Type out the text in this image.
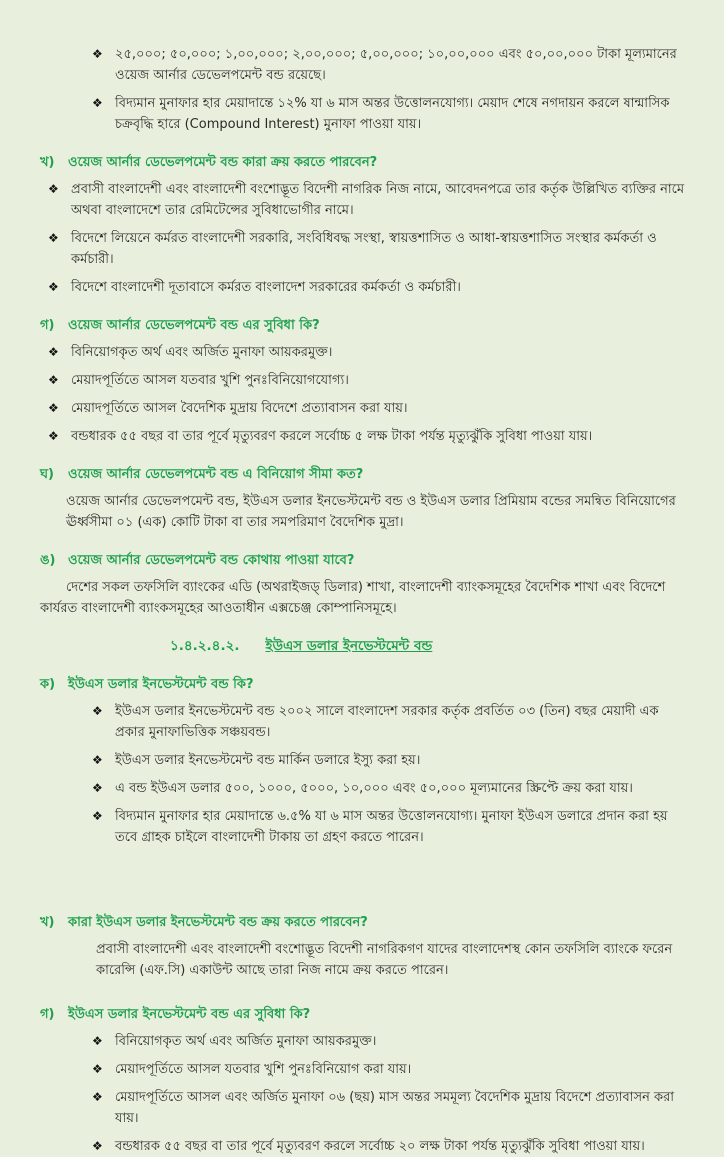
❖ ২৫,০০০; ৫০,০০০; ১,০০,০০০; ২,০০,০০০; ৫,০০,০০০; ১০,০০,০০০ এবং ৫০,০০,০০০ টাকা মূল্যমানের ওয়েজ আর্নার ডেভেলপমেন্ট বন্ড রয়েছে।
❖ বিদ্যমান মুনাফার হার মেয়াদান্তে ১২% যা ৬ মাস অন্তর উত্তোলনযোগ্য। মেয়াদ শেষে নগদায়ন করলে ষান্মাসিক চক্রবৃদ্ধি হারে (Compound Interest) মুনাফা পাওয়া যায়।
খ)	ওয়েজ আর্নার ডেভেলপমেন্ট বন্ড কারা ক্রয় করতে পারবেন?
❖ প্রবাসী বাংলাদেশী এবং বাংলাদেশী বংশোদ্ভূত বিদেশী নাগরিক নিজ নামে, আবেদনপত্রে তার কর্তৃক উল্লিখিত ব্যক্তির নামে অথবা বাংলাদেশে তার রেমিটেন্সের সুবিধাভোগীর নামে।
❖ বিদেশে লিয়েনে কর্মরত বাংলাদেশী সরকারি, সংবিধিবদ্ধ সংস্থা, স্বায়ত্তশাসিত ও আধা-স্বায়ত্তশাসিত সংস্থার কর্মকর্তা ও কর্মচারী।
❖ বিদেশে বাংলাদেশী দূতাবাসে কর্মরত বাংলাদেশ সরকারের কর্মকর্তা ও কর্মচারী।
গ)	ওয়েজ আর্নার ডেভেলপমেন্ট বন্ড এর সুবিধা কি?
❖ বিনিয়োগকৃত অর্থ এবং অর্জিত মুনাফা আয়করমুক্ত।
❖ মেয়াদপূর্তিতে আসল যতবার খুশি পুনঃবিনিয়োগযোগ্য।
❖ মেয়াদপূর্তিতে আসল বৈদেশিক মুদ্রায় বিদেশে প্রত্যাবাসন করা যায়।
❖ বন্ডধারক ৫৫ বছর বা তার পূর্বে মৃত্যুবরণ করলে সর্বোচ্চ ৫ লক্ষ টাকা পর্যন্ত মৃত্যুঝুঁকি সুবিধা পাওয়া যায়।
ঘ)	ওয়েজ আর্নার ডেভেলপমেন্ট বন্ড এ বিনিয়োগ সীমা কত?
ওয়েজ আর্নার ডেভেলপমেন্ট বন্ড, ইউএস ডলার ইনভেস্টমেন্ট বন্ড ও ইউএস ডলার প্রিমিয়াম বন্ডের সমন্বিত বিনিয়োগের ঊর্ধ্বসীমা ০১ (এক) কোটি টাকা বা তার সমপরিমাণ বৈদেশিক মুদ্রা।
ঙ) ওয়েজ আর্নার ডেভেলপমেন্ট বন্ড কোথায় পাওয়া যাবে?
দেশের সকল তফসিলি ব্যাংকের এডি (অথরাইজড্ ডিলার) শাখা, বাংলাদেশী ব্যাংকসমূহের বৈদেশিক শাখা এবং বিদেশে কার্যরত বাংলাদেশী ব্যাংকসমূহের আওতাধীন এক্সচেঞ্জ কোম্পানিসমূহে।
১.৪.২.৪.২. ইউএস ডলার ইনভেস্টমেন্ট বন্ড
ক) ইউএস ডলার ইনভেস্টমেন্ট বন্ড কি?
❖ ইউএস ডলার ইনভেস্টমেন্ট বন্ড ২০০২ সালে বাংলাদেশ সরকার কর্তৃক প্রবর্তিত ০৩ (তিন) বছর মেয়াদী এক প্রকার মুনাফাভিত্তিক সঞ্চয়বন্ড।
❖ ইউএস ডলার ইনভেস্টমেন্ট বন্ড মার্কিন ডলারে ইস্যু করা হয়।
❖ এ বন্ড ইউএস ডলার ৫০০, ১০০০, ৫০০০, ১০,০০০ এবং ৫০,০০০ মূল্যমানের স্ক্রিপ্টে ক্রয় করা যায়।
❖ বিদ্যমান মুনাফার হার মেয়াদান্তে ৬.৫% যা ৬ মাস অন্তর উত্তোলনযোগ্য। মুনাফা ইউএস ডলারে প্রদান করা হয় তবে গ্রাহক চাইলে বাংলাদেশী টাকায় তা গ্রহণ করতে পারেন।
খ)	কারা ইউএস ডলার ইনভেস্টমেন্ট বন্ড ক্রয় করতে পারবেন?
প্রবাসী বাংলাদেশী এবং বাংলাদেশী বংশোদ্ভূত বিদেশী নাগরিকগণ যাদের বাংলাদেশস্থ কোন তফসিলি ব্যাংকে ফরেন কারেন্সি (এফ.সি) একাউন্ট আছে তারা নিজ নামে ক্রয় করতে পারেন।
গ)	ইউএস ডলার ইনভেস্টমেন্ট বন্ড এর সুবিধা কি?
❖ বিনিয়োগকৃত অর্থ এবং অর্জিত মুনাফা আয়করমুক্ত।
❖ মেয়াদপূর্তিতে আসল যতবার খুশি পুনঃবিনিয়োগ করা যায়।
❖ মেয়াদপূর্তিতে আসল এবং অর্জিত মুনাফা ০৬ (ছয়) মাস অন্তর সমমূল্য বৈদেশিক মুদ্রায় বিদেশে প্রত্যাবাসন করা যায়।
❖ বন্ডধারক ৫৫ বছর বা তার পূর্বে মৃত্যুবরণ করলে সর্বোচ্চ ২০ লক্ষ টাকা পর্যন্ত মৃত্যুঝুঁকি সুবিধা পাওয়া যায়।
